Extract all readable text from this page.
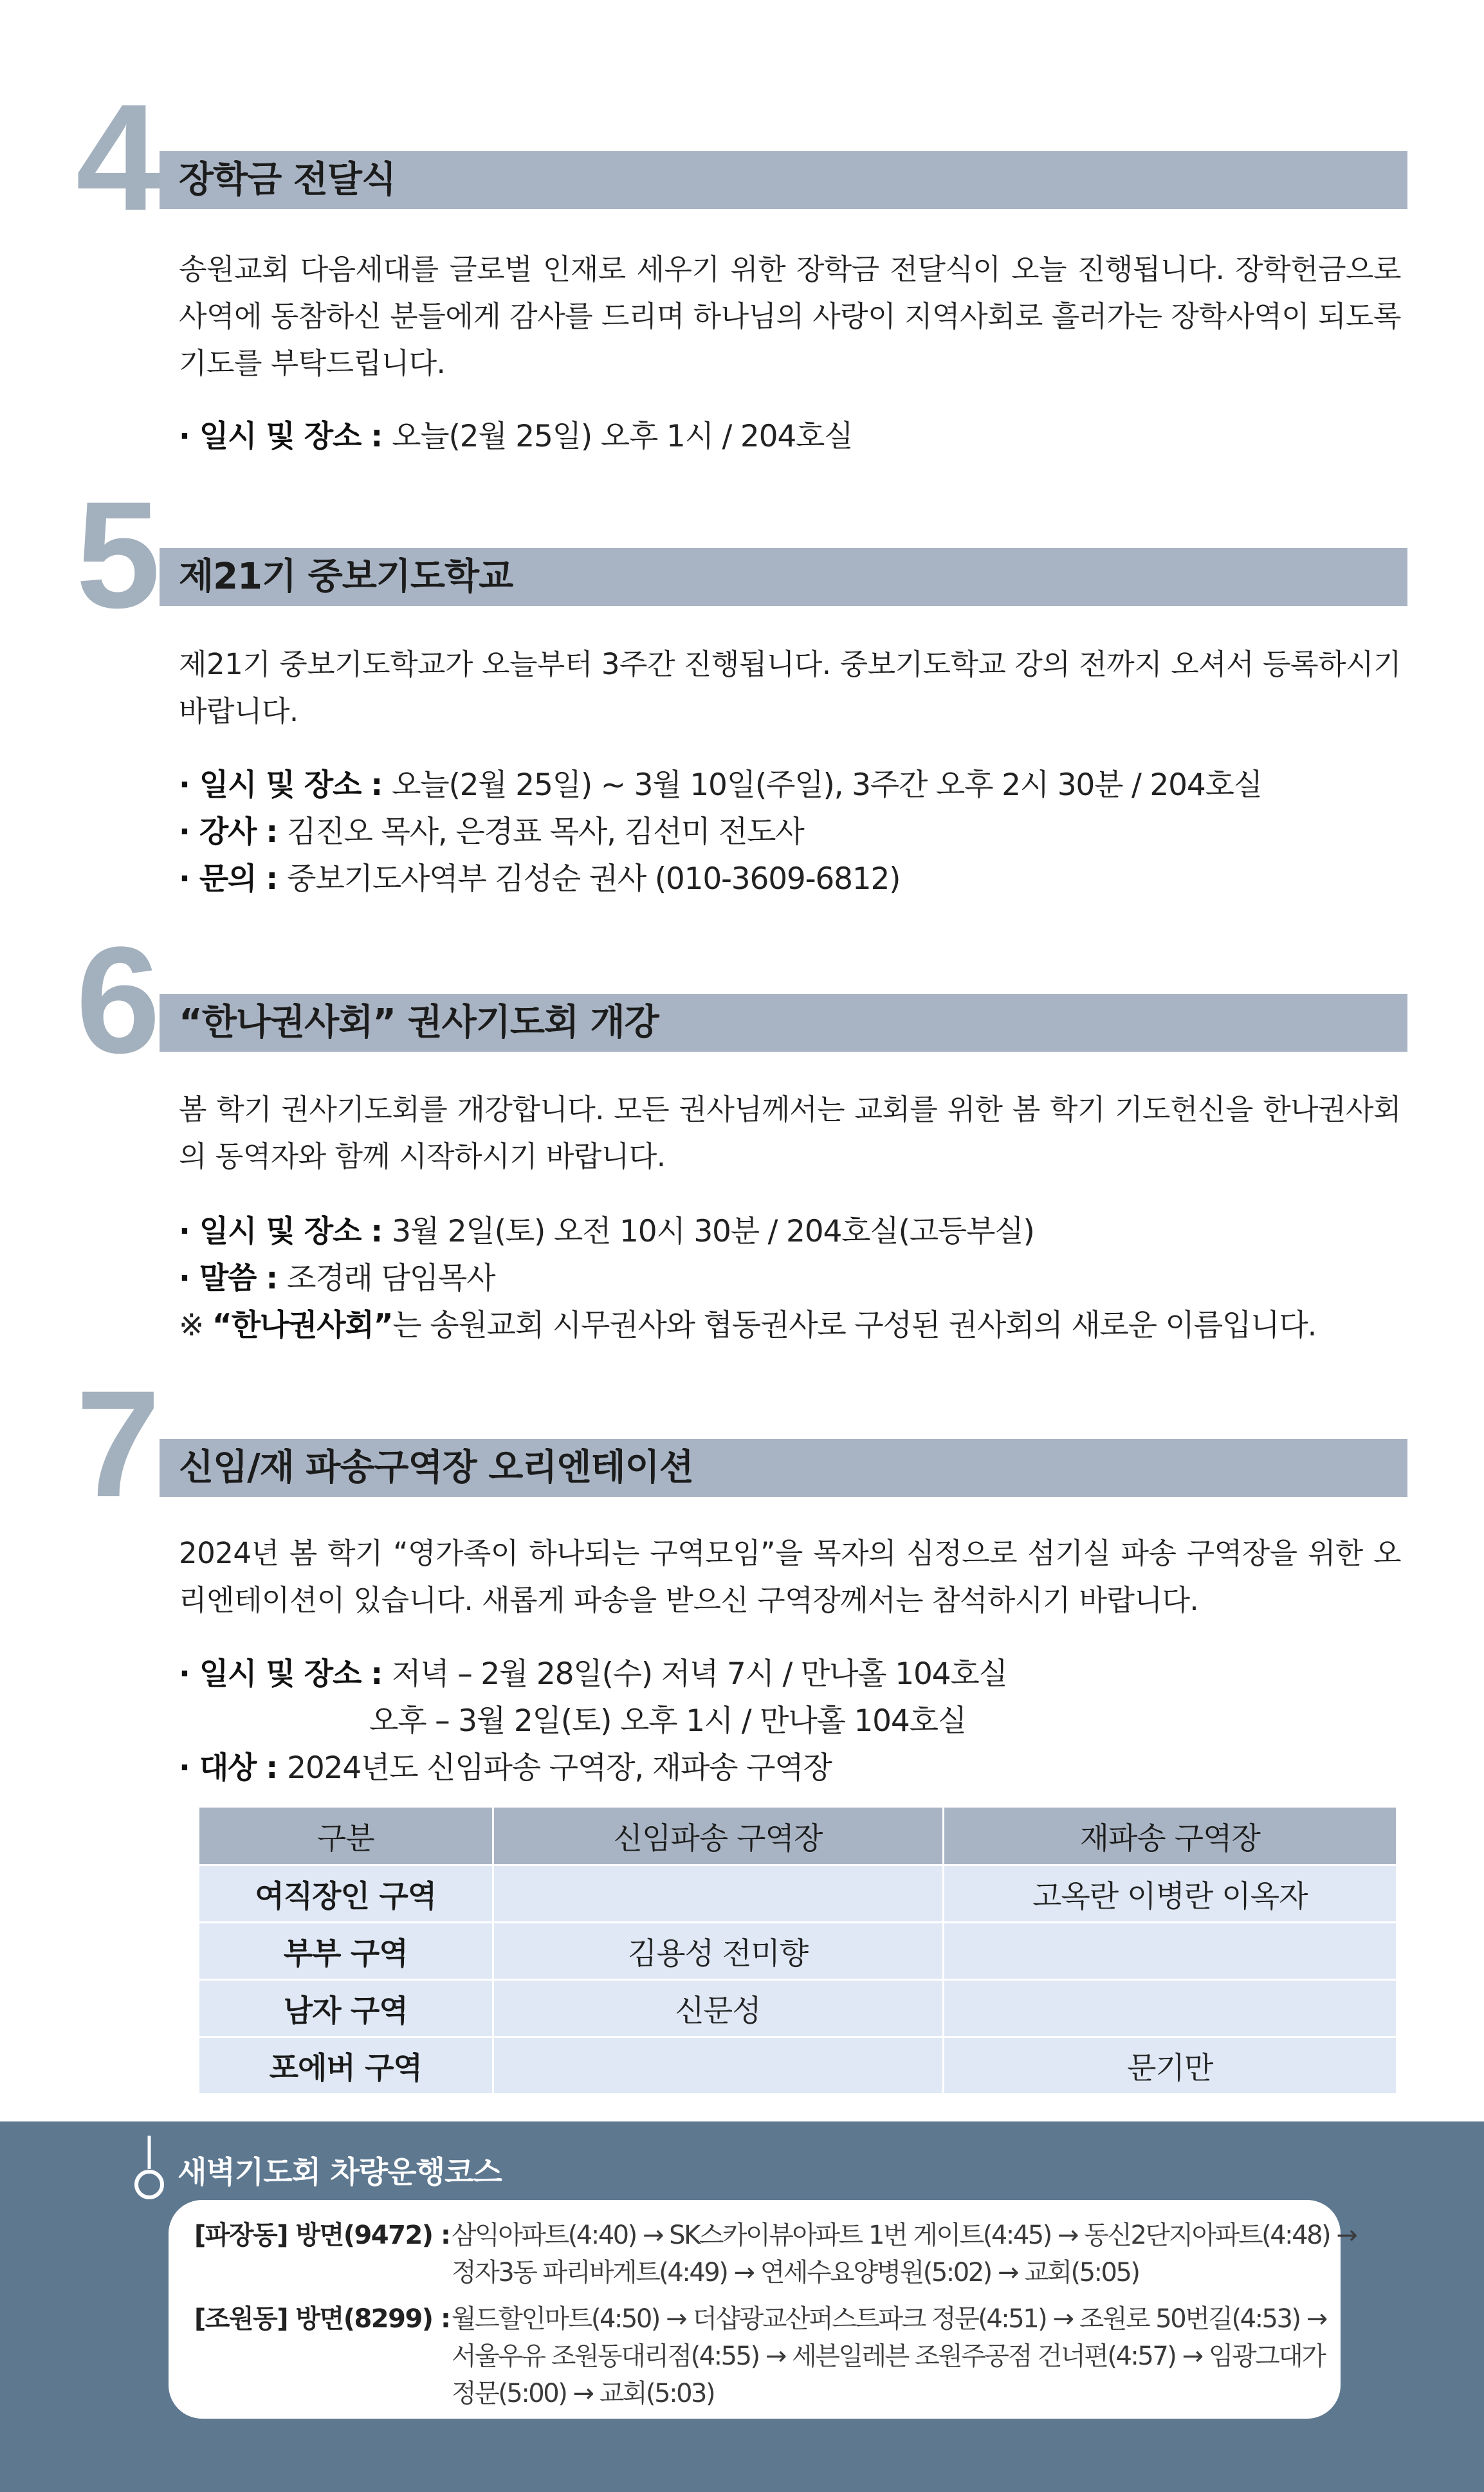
4 장학금 전달식

송원교회 다음세대를 글로벌 인재로 세우기 위한 장학금 전달식이 오늘 진행됩니다. 장학헌금으로 사역에 동참하신 분들에게 감사를 드리며 하나님의 사랑이 지역사회로 흘러가는 장학사역이 되도록 기도를 부탁드립니다.

· 일시 및 장소 : 오늘(2월 25일) 오후 1시 / 204호실
5 제21기 중보기도학교

제21기 중보기도학교가 오늘부터 3주간 진행됩니다. 중보기도학교 강의 전까지 오셔서 등록하시기 바랍니다.

· 일시 및 장소 : 오늘(2월 25일) ~ 3월 10일(주일), 3주간 오후 2시 30분 / 204호실
· 강사 : 김진오 목사, 은경표 목사, 김선미 전도사
· 문의 : 중보기도사역부 김성순 권사 (010-3609-6812)
6 “한나권사회” 권사기도회 개강

봄 학기 권사기도회를 개강합니다. 모든 권사님께서는 교회를 위한 봄 학기 기도헌신을 한나권사회의 동역자와 함께 시작하시기 바랍니다.

· 일시 및 장소 : 3월 2일(토) 오전 10시 30분 / 204호실(고등부실)
· 말씀 : 조경래 담임목사
※ “한나권사회”는 송원교회 시무권사와 협동권사로 구성된 권사회의 새로운 이름입니다.
7 신임/재 파송구역장 오리엔테이션

2024년 봄 학기 “영가족이 하나되는 구역모임”을 목자의 심정으로 섬기실 파송 구역장을 위한 오리엔테이션이 있습니다. 새롭게 파송을 받으신 구역장께서는 참석하시기 바랍니다.

· 일시 및 장소 : 저녁 – 2월 28일(수) 저녁 7시 / 만나홀 104호실
오후 – 3월 2일(토) 오후 1시 / 만나홀 104호실
· 대상 : 2024년도 신임파송 구역장, 재파송 구역장
구분	신임파송 구역장	재파송 구역장
여직장인 구역		고옥란 이병란 이옥자
부부 구역	김용성 전미향	
남자 구역	신문성	
포에버 구역		문기만
새벽기도회 차량운행코스
[파장동] 방면(9472) : 삼익아파트(4:40) → SK스카이뷰아파트 1번 게이트(4:45) → 동신2단지아파트(4:48) →
정자3동 파리바게트(4:49) → 연세수요양병원(5:02) → 교회(5:05)
[조원동] 방면(8299) : 월드할인마트(4:50) → 더샵광교산퍼스트파크 정문(4:51) → 조원로 50번길(4:53) →
서울우유 조원동대리점(4:55) → 세븐일레븐 조원주공점 건너편(4:57) → 임광그대가
정문(5:00) → 교회(5:03)
